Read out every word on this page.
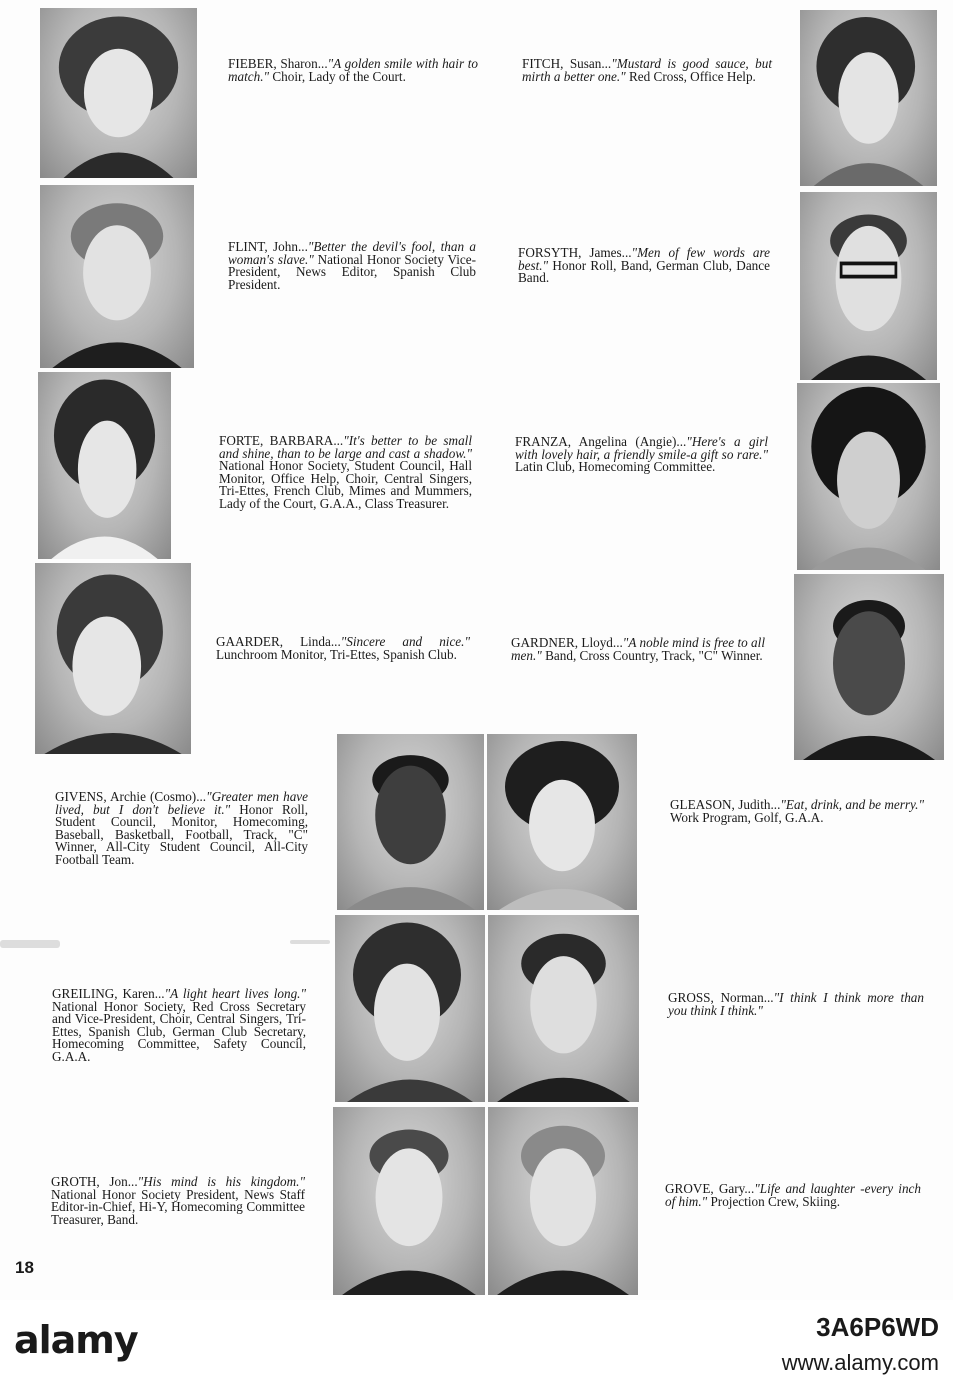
FIEBER, Sharon..."A golden smile with hair to match." Choir, Lady of the Court.
FITCH, Susan..."Mustard is good sauce, but mirth a better one." Red Cross, Office Help.
FLINT, John..."Better the devil's fool, than a woman's slave." National Honor Society Vice-President, News Editor, Spanish Club President.
FORSYTH, James..."Men of few words are best." Honor Roll, Band, German Club, Dance Band.
FORTE, BARBARA..."It's better to be small and shine, than to be large and cast a shadow." National Honor Society, Student Council, Hall Monitor, Office Help, Choir, Central Singers, Tri-Ettes, French Club, Mimes and Mummers, Lady of the Court, G.A.A., Class Treasurer.
FRANZA, Angelina (Angie)..."Here's a girl with lovely hair, a friendly smile-a gift so rare." Latin Club, Homecoming Committee.
GAARDER, Linda..."Sincere and nice." Lunchroom Monitor, Tri-Ettes, Spanish Club.
GARDNER, Lloyd..."A noble mind is free to all men." Band, Cross Country, Track, "C" Winner.
GIVENS, Archie (Cosmo)..."Greater men have lived, but I don't believe it." Honor Roll, Student Council, Monitor, Homecoming, Baseball, Basketball, Football, Track, "C" Winner, All-City Student Council, All-City Football Team.
GLEASON, Judith..."Eat, drink, and be merry." Work Program, Golf, G.A.A.
GREILING, Karen..."A light heart lives long." National Honor Society, Red Cross Secretary and Vice-President, Choir, Central Singers, Tri-Ettes, Spanish Club, German Club Secretary, Homecoming Committee, Safety Council, G.A.A.
GROSS, Norman..."I think I think more than you think I think."
GROTH, Jon..."His mind is his kingdom." National Honor Society President, News Staff Editor-in-Chief, Hi-Y, Homecoming Committee Treasurer, Band.
GROVE, Gary..."Life and laughter -every inch of him." Projection Crew, Skiing.
18
alamy	3A6P6WD
www.alamy.com
